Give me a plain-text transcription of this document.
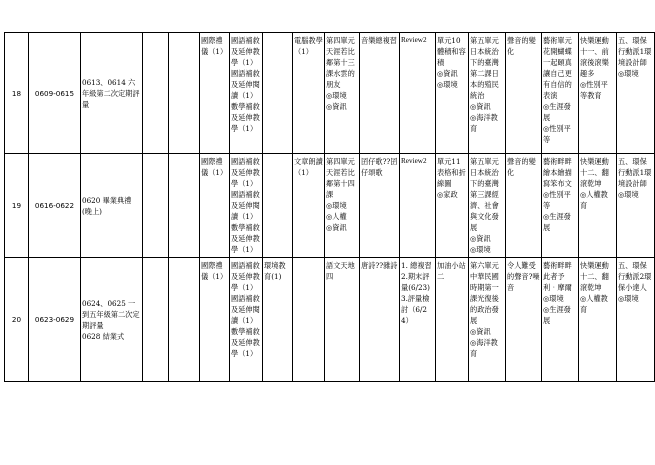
18	0609-0615	0613、0614 六年級第二次定期評量			國際禮儀（1）	國語補救及延伸教學（1）
國語補救及延伸閱讀（1）
數學補救及延伸教學（1）		電腦教學（1）	第四單元天涯若比鄰第十三課水雲的朋友
◎環境
◎資訊	音樂總複習	Review2	單元10體積和容積
◎資訊
◎環境	第五單元 日本統治下的臺灣第二課日本的殖民統治
◎資訊
◎海洋教育	聲音的變化	藝術單元花開蝴蝶一起頤真讓自己更有自信的表演
◎生涯發展
◎性別平等	快樂運動
十一、前滾後滾樂趣多
◎性別平等教育	五、環保行動派1環境設計師
◎環境
19	0616-0622	0620 畢業典禮(晚上)			國際禮儀（1）	國語補救及延伸教學（1）
國語補救及延伸閱讀（1）
數學補救及延伸教學（1）		文章朗讀（1）	第四單元天涯若比鄰第十四課
◎環境
◎人權
◎資訊	囝仔歌??囝仔頌歌	Review2	單元11表格和折線圖
◎家政	第五單元 日本統治下的臺灣第三課經濟、社會與文化發展
◎資訊
◎環境	聲音的變化	藝術畔畔繪本繪描寫笨布文
◎性別平等
◎生涯發展	快樂運動
十二、翻滾乾坤
◎人權教育	五、環保行動派1環境設計師
◎環境
20	0623-0629	0624、0625 一到五年級第二次定期評量
0628 結業式			國際禮儀（1）	國語補救及延伸教學（1）
國語補救及延伸閱讀（1）
數學補救及延伸教學（1）	環境教育(1)		語文天地四	唐詩??雜詩	1. 總複習
2.期末評量(6/23)
3.評量檢討（6/24）	加油小站二	第六單元 中華民國時期第一課光復後的政治發展
◎資訊
◎海洋教育	令人難受的聲音?噪音	藝術畔畔此者予利‧摩爾
◎環境
◎生涯發展	快樂運動
十二、翻滾乾坤
◎人權教育	五、環保行動派2環保小達人
◎環境
